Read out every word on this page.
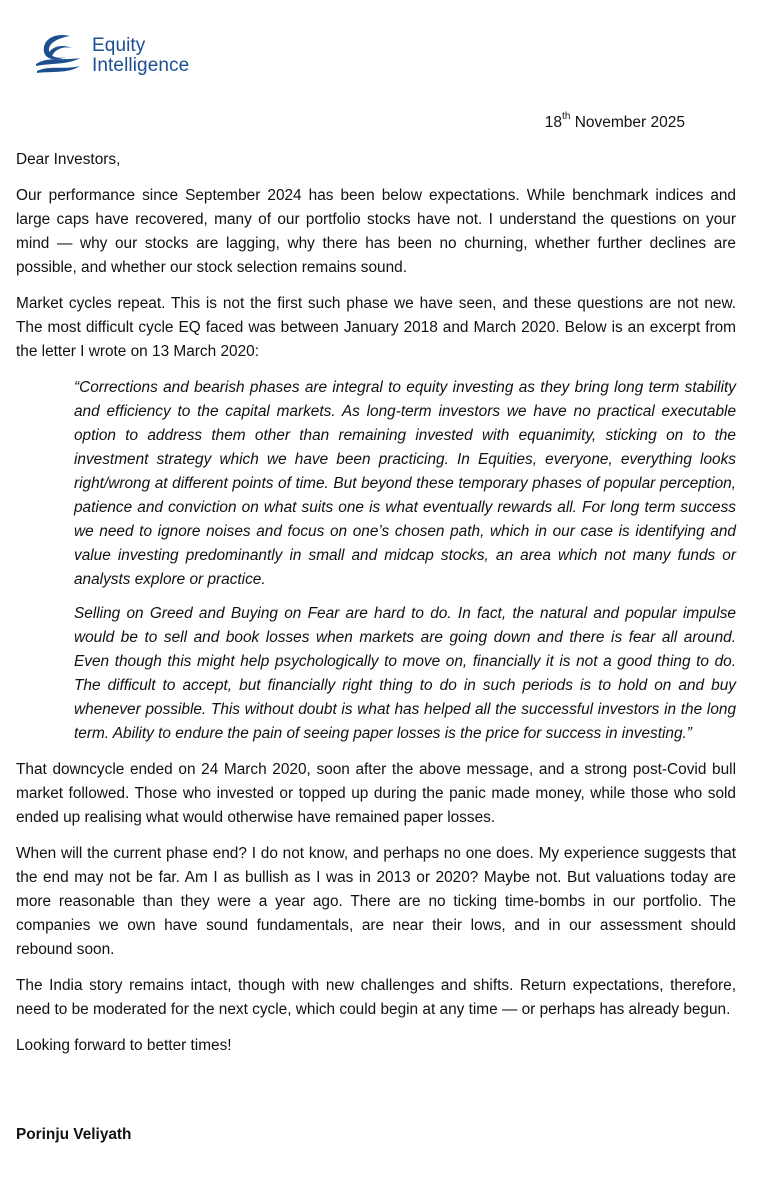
Equity
Intelligence
18th November 2025

Dear Investors,

Our performance since September 2024 has been below expectations. While benchmark indices and large caps have recovered, many of our portfolio stocks have not. I understand the questions on your mind — why our stocks are lagging, why there has been no churning, whether further declines are possible, and whether our stock selection remains sound.

Market cycles repeat. This is not the first such phase we have seen, and these questions are not new. The most difficult cycle EQ faced was between January 2018 and March 2020. Below is an excerpt from the letter I wrote on 13 March 2020:

“Corrections and bearish phases are integral to equity investing as they bring long term stability and efficiency to the capital markets. As long-term investors we have no practical executable option to address them other than remaining invested with equanimity, sticking on to the investment strategy which we have been practicing. In Equities, everyone, everything looks right/wrong at different points of time. But beyond these temporary phases of popular perception, patience and conviction on what suits one is what eventually rewards all. For long term success we need to ignore noises and focus on one’s chosen path, which in our case is identifying and value investing predominantly in small and midcap stocks, an area which not many funds or analysts explore or practice.

Selling on Greed and Buying on Fear are hard to do. In fact, the natural and popular impulse would be to sell and book losses when markets are going down and there is fear all around. Even though this might help psychologically to move on, financially it is not a good thing to do. The difficult to accept, but financially right thing to do in such periods is to hold on and buy whenever possible. This without doubt is what has helped all the successful investors in the long term. Ability to endure the pain of seeing paper losses is the price for success in investing.”

That downcycle ended on 24 March 2020, soon after the above message, and a strong post-Covid bull market followed. Those who invested or topped up during the panic made money, while those who sold ended up realising what would otherwise have remained paper losses.

When will the current phase end? I do not know, and perhaps no one does. My experience suggests that the end may not be far. Am I as bullish as I was in 2013 or 2020? Maybe not. But valuations today are more reasonable than they were a year ago. There are no ticking time-bombs in our portfolio. The companies we own have sound fundamentals, are near their lows, and in our assessment should rebound soon.

The India story remains intact, though with new challenges and shifts. Return expectations, therefore, need to be moderated for the next cycle, which could begin at any time — or perhaps has already begun.

Looking forward to better times!

Porinju Veliyath
